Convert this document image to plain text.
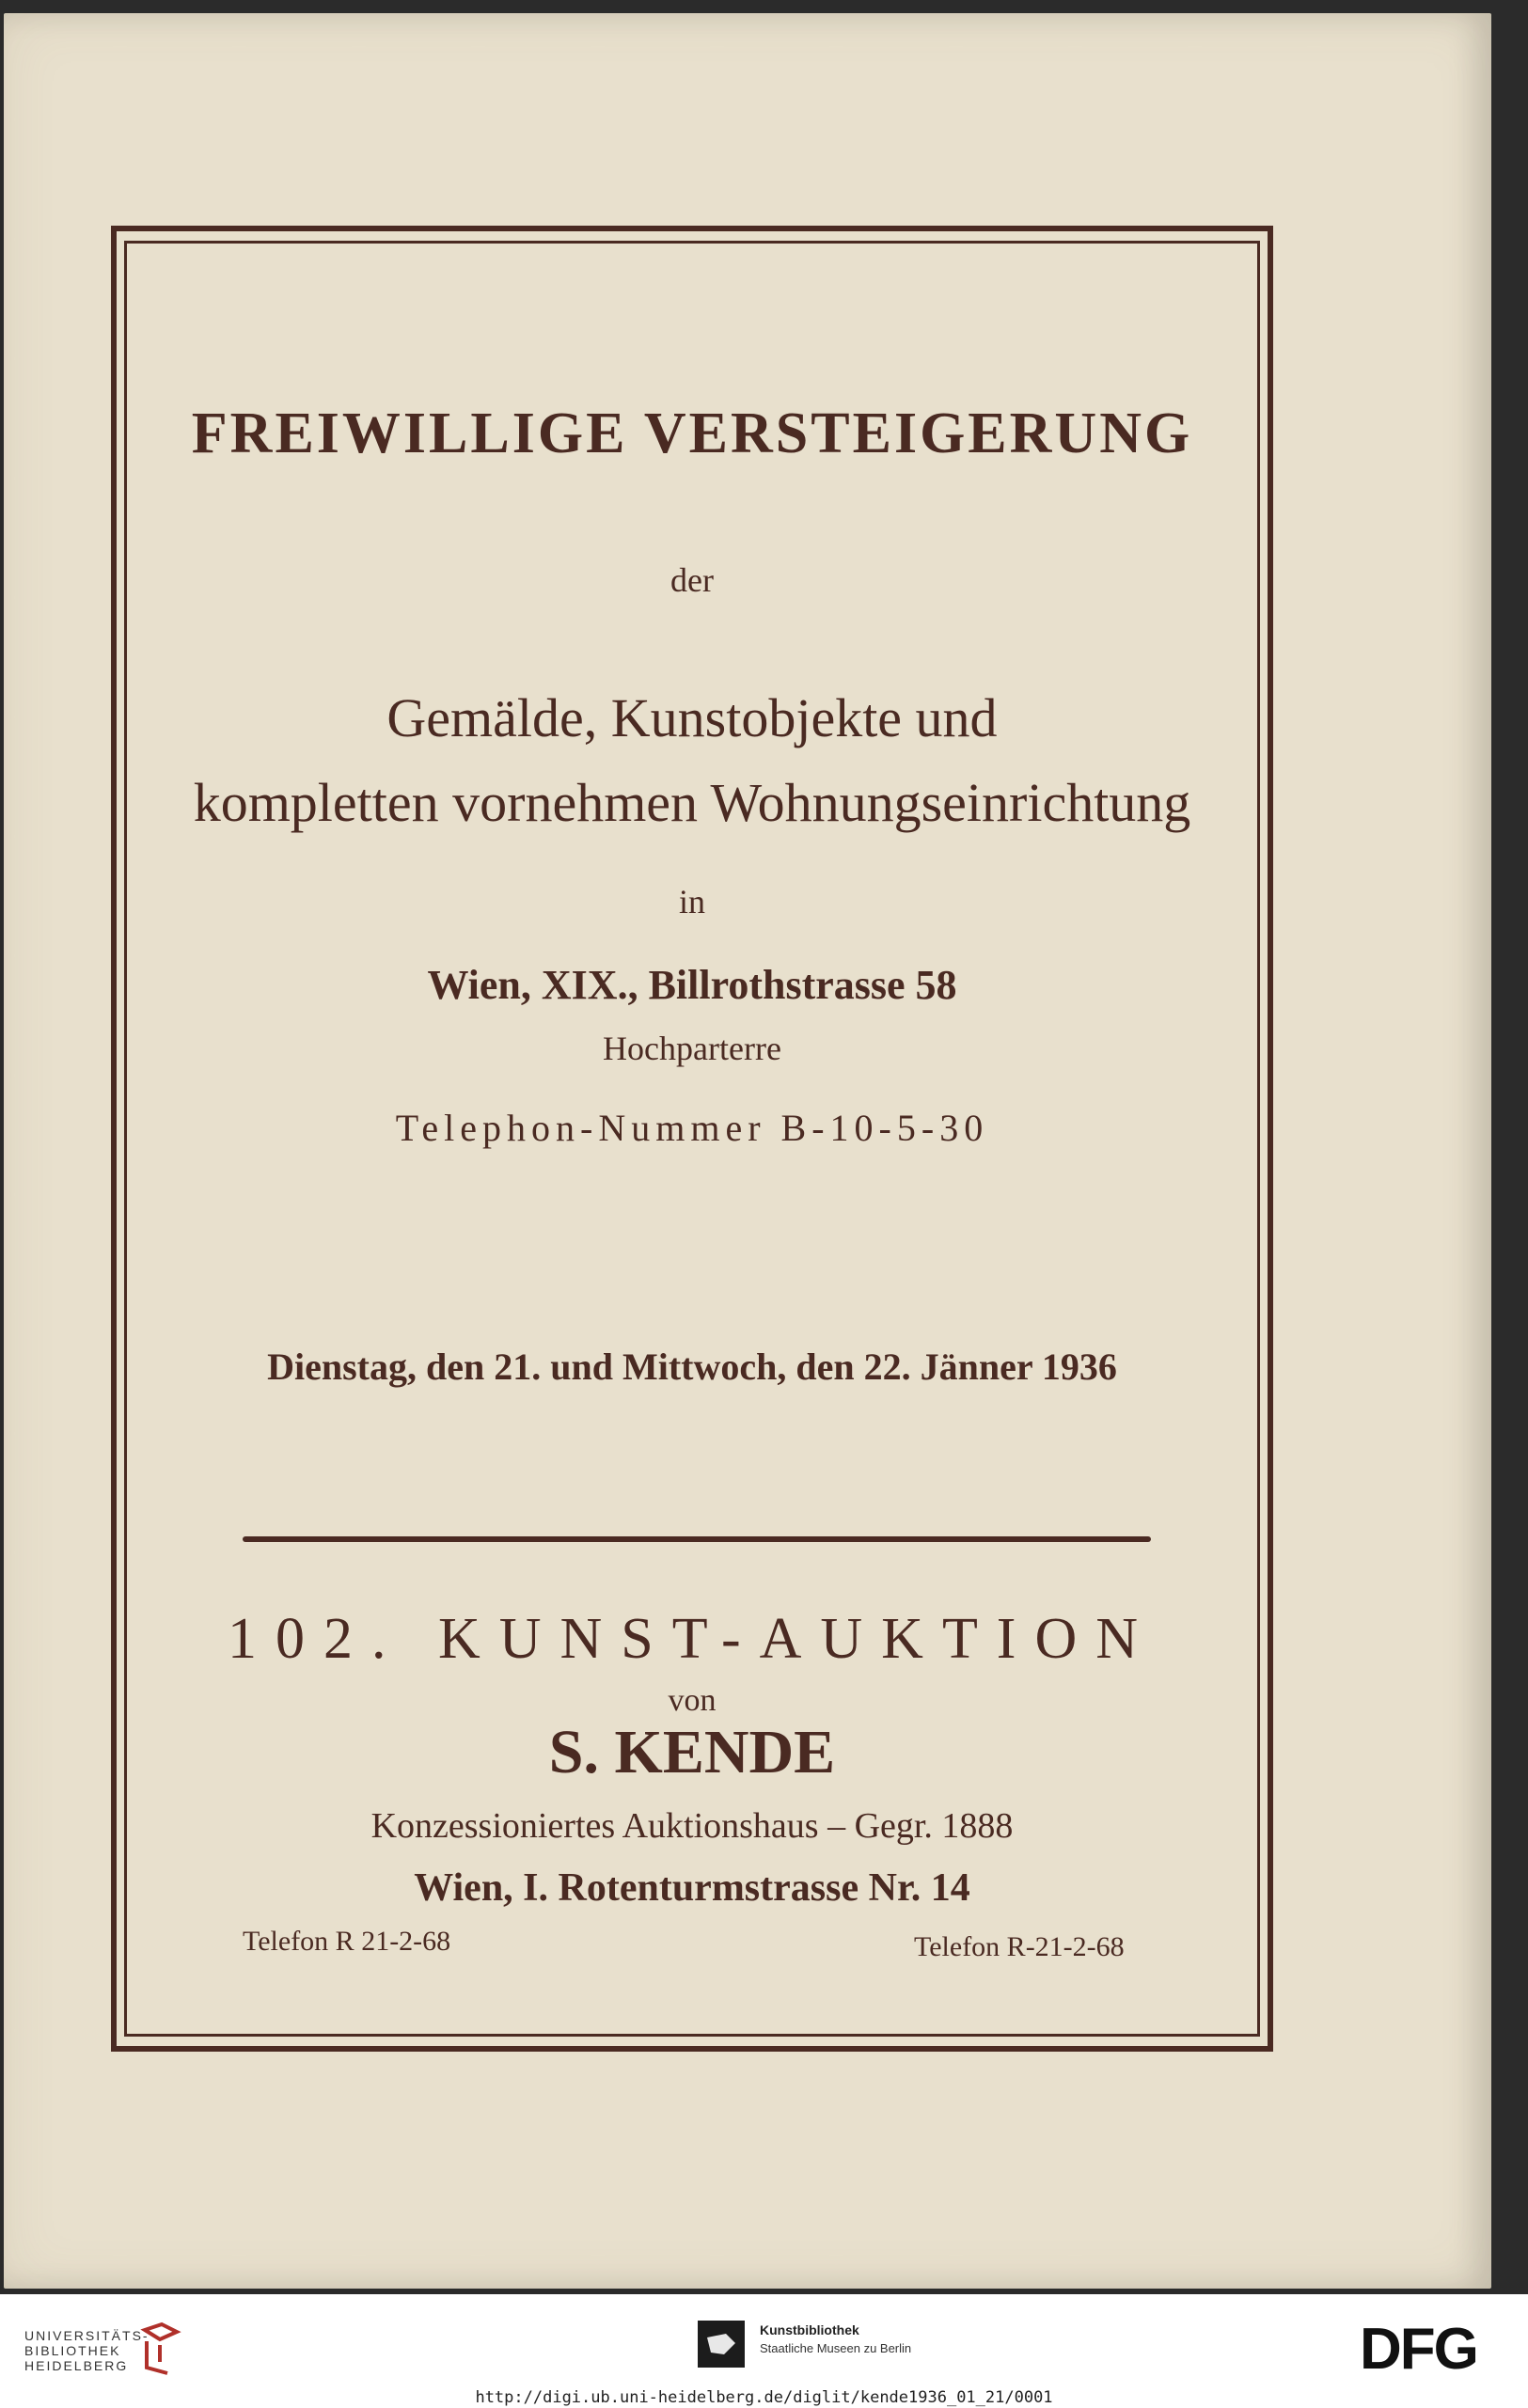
FREIWILLIGE VERSTEIGERUNG
der
Gemälde, Kunstobjekte und
kompletten vornehmen Wohnungseinrichtung
in
Wien, XIX., Billrothstrasse 58
Hochparterre
Telephon-Nummer B-10-5-30
Dienstag, den 21. und Mittwoch, den 22. Jänner 1936
102. KUNST-AUKTION
von
S. KENDE
Konzessioniertes Auktionshaus – Gegr. 1888
Wien, I. Rotenturmstrasse Nr. 14
Telefon R 21-2-68	Telefon R-21-2-68
UNIVERSITÄTS-
BIBLIOTHEK
HEIDELBERG
Kunstbibliothek
Staatliche Museen zu Berlin	DFG
http://digi.ub.uni-heidelberg.de/diglit/kende1936_01_21/0001
